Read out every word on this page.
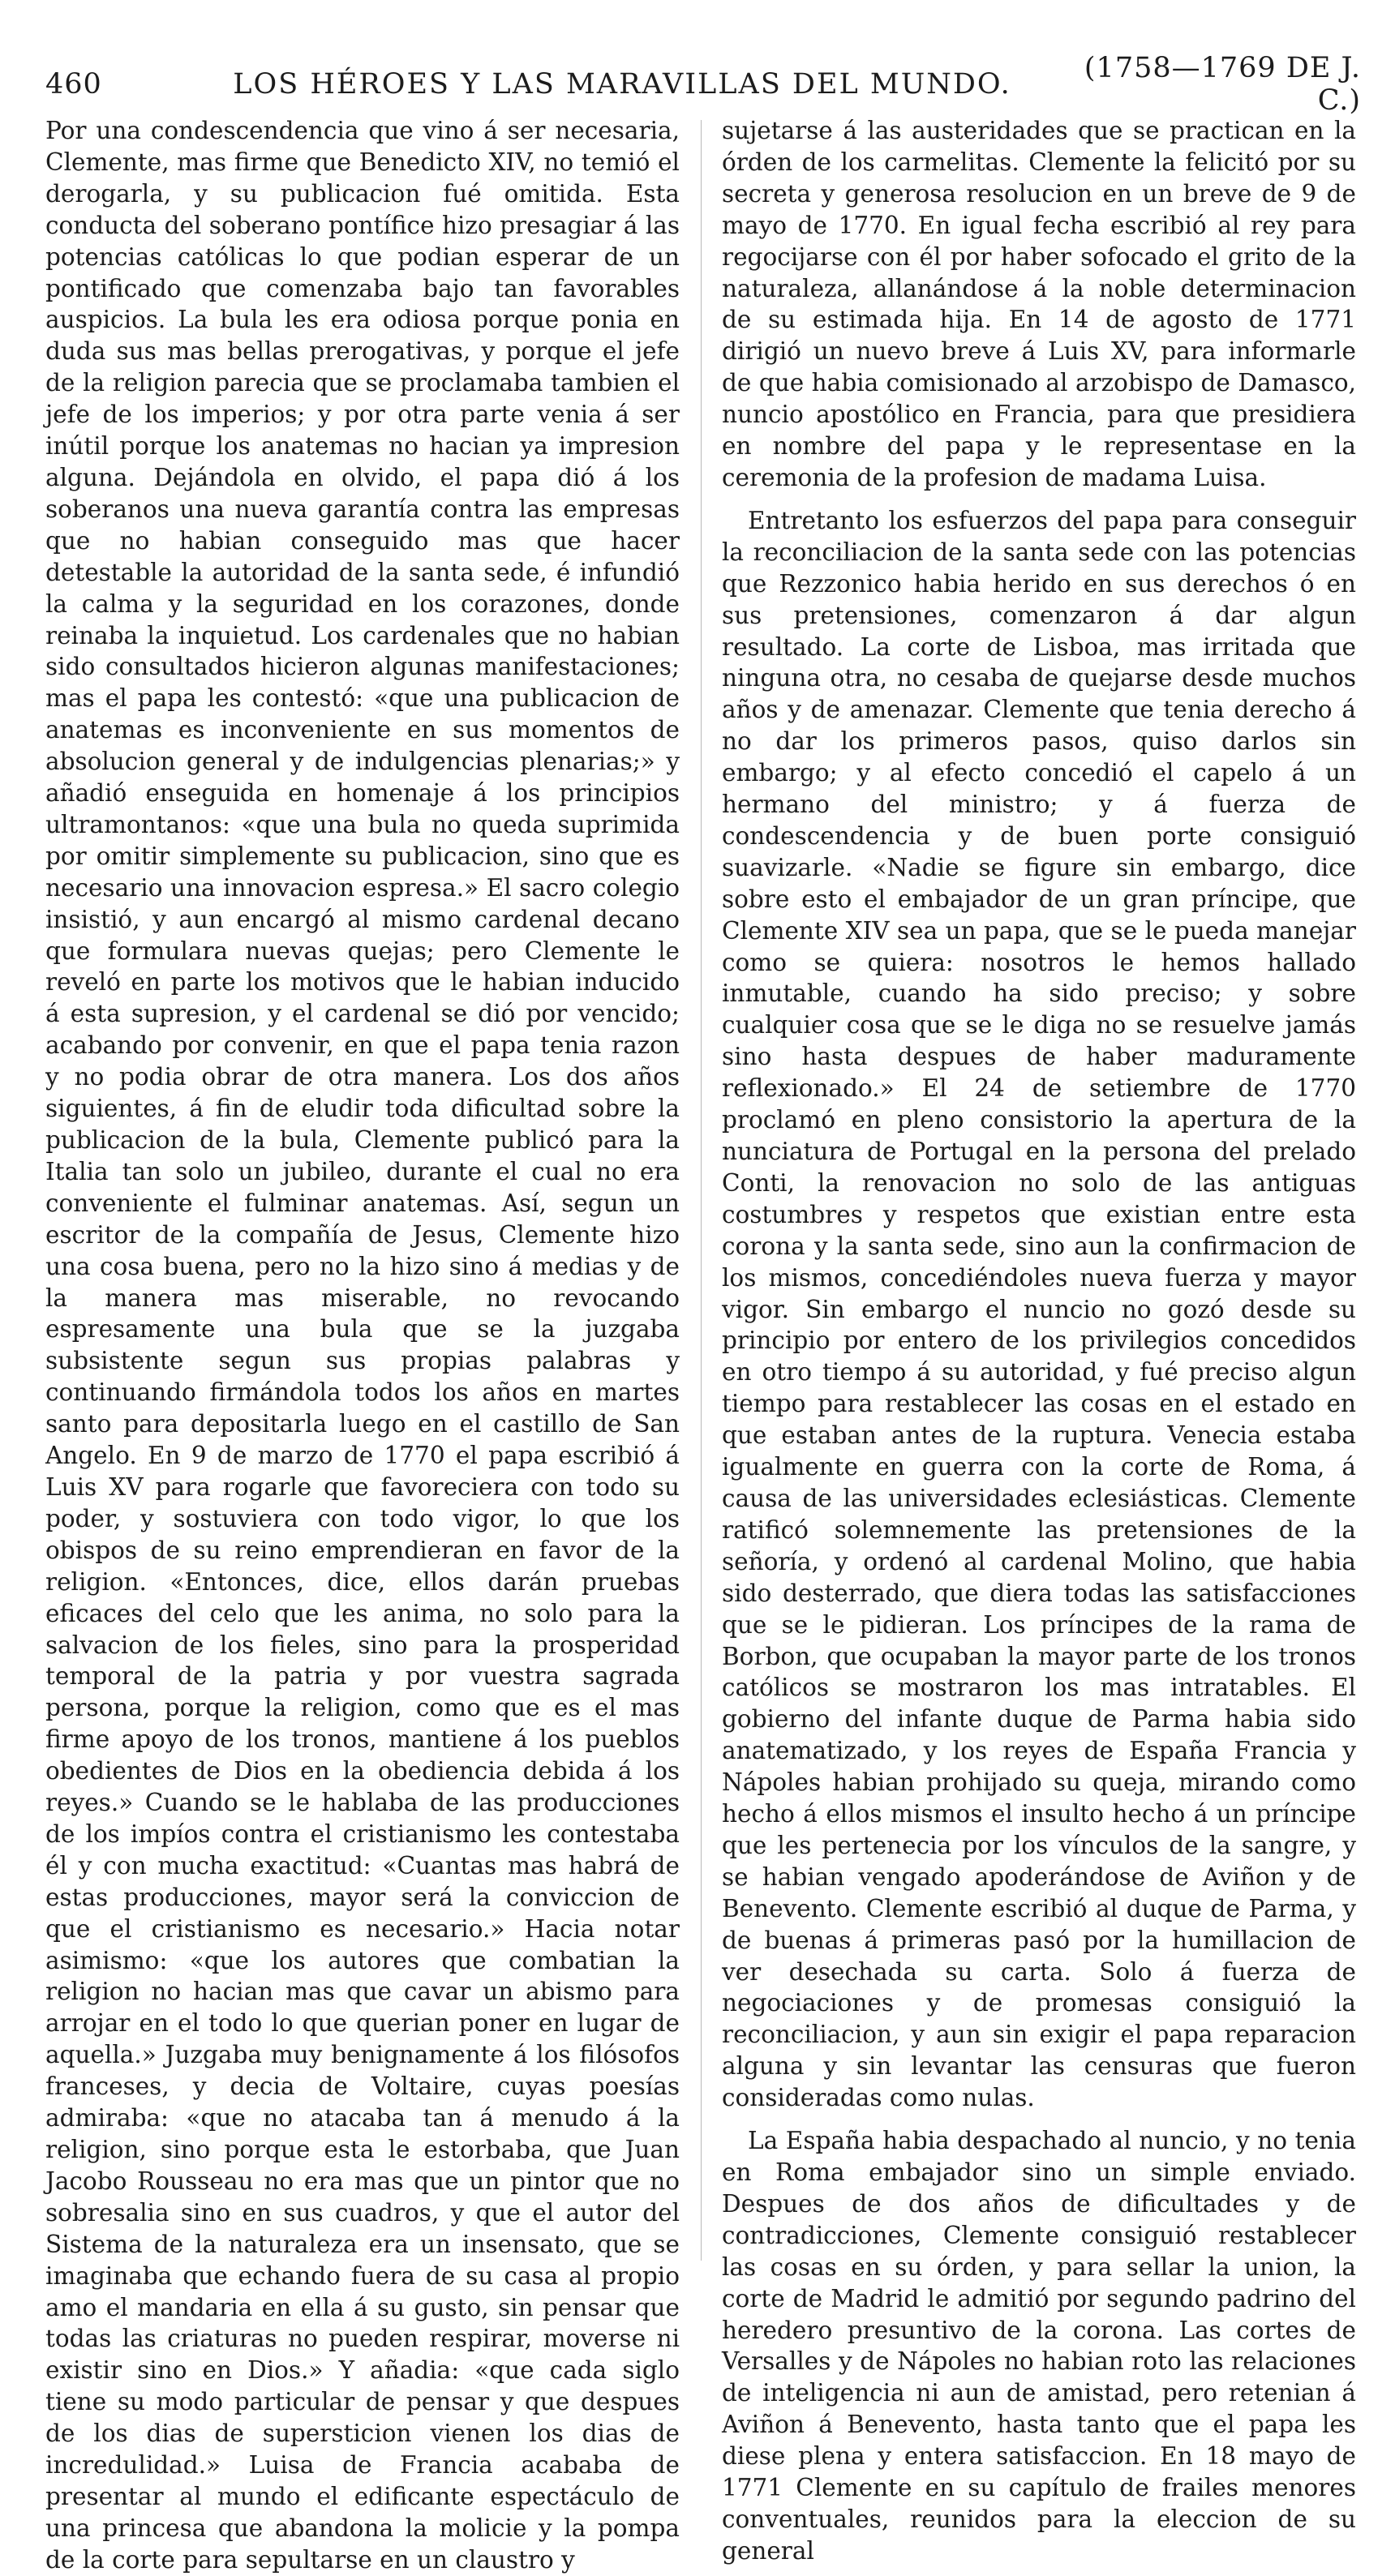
460	LOS HÉROES Y LAS MARAVILLAS DEL MUNDO.	(1758—1769 DE J. C.)

Por una condescendencia que vino á ser necesaria, Clemente, mas firme que Benedicto XIV, no temió el derogarla, y su publicacion fué omitida. Esta conducta del soberano pontífice hizo presagiar á las potencias católicas lo que podian esperar de un pontificado que comenzaba bajo tan favorables auspicios. La bula les era odiosa porque ponia en duda sus mas bellas prerogativas, y porque el jefe de la religion parecia que se proclamaba tambien el jefe de los imperios; y por otra parte venia á ser inútil porque los anatemas no hacian ya impresion alguna. Dejándola en olvido, el papa dió á los soberanos una nueva garantía contra las empresas que no habian conseguido mas que hacer detestable la autoridad de la santa sede, é infundió la calma y la seguridad en los corazones, donde reinaba la inquietud. Los cardenales que no habian sido consultados hicieron algunas manifestaciones; mas el papa les contestó: «que una publicacion de anatemas es inconveniente en sus momentos de absolucion general y de indulgencias plenarias;» y añadió enseguida en homenaje á los principios ultramontanos: «que una bula no queda suprimida por omitir simplemente su publicacion, sino que es necesario una innovacion espresa.» El sacro colegio insistió, y aun encargó al mismo cardenal decano que formulara nuevas quejas; pero Clemente le reveló en parte los motivos que le habian inducido á esta supresion, y el cardenal se dió por vencido; acabando por convenir, en que el papa tenia razon y no podia obrar de otra manera. Los dos años siguientes, á fin de eludir toda dificultad sobre la publicacion de la bula, Clemente publicó para la Italia tan solo un jubileo, durante el cual no era conveniente el fulminar anatemas. Así, segun un escritor de la compañía de Jesus, Clemente hizo una cosa buena, pero no la hizo sino á medias y de la manera mas miserable, no revocando espresamente una bula que se la juzgaba subsistente segun sus propias palabras y continuando firmándola todos los años en martes santo para depositarla luego en el castillo de San Angelo. En 9 de marzo de 1770 el papa escribió á Luis XV para rogarle que favoreciera con todo su poder, y sostuviera con todo vigor, lo que los obispos de su reino emprendieran en favor de la religion. «Entonces, dice, ellos darán pruebas eficaces del celo que les anima, no solo para la salvacion de los fieles, sino para la prosperidad temporal de la patria y por vuestra sagrada persona, porque la religion, como que es el mas firme apoyo de los tronos, mantiene á los pueblos obedientes de Dios en la obediencia debida á los reyes.» Cuando se le hablaba de las producciones de los impíos contra el cristianismo les contestaba él y con mucha exactitud: «Cuantas mas habrá de estas producciones, mayor será la conviccion de que el cristianismo es necesario.» Hacia notar asimismo: «que los autores que combatian la religion no hacian mas que cavar un abismo para arrojar en el todo lo que querian poner en lugar de aquella.» Juzgaba muy benignamente á los filósofos franceses, y decia de Voltaire, cuyas poesías admiraba: «que no atacaba tan á menudo á la religion, sino porque esta le estorbaba, que Juan Jacobo Rousseau no era mas que un pintor que no sobresalia sino en sus cuadros, y que el autor del Sistema de la naturaleza era un insensato, que se imaginaba que echando fuera de su casa al propio amo el mandaria en ella á su gusto, sin pensar que todas las criaturas no pueden respirar, moverse ni existir sino en Dios.» Y añadia: «que cada siglo tiene su modo particular de pensar y que despues de los dias de supersticion vienen los dias de incredulidad.» Luisa de Francia acababa de presentar al mundo el edificante espectáculo de una princesa que abandona la molicie y la pompa de la corte para sepultarse en un claustro y

sujetarse á las austeridades que se practican en la órden de los carmelitas. Clemente la felicitó por su secreta y generosa resolucion en un breve de 9 de mayo de 1770. En igual fecha escribió al rey para regocijarse con él por haber sofocado el grito de la naturaleza, allanándose á la noble determinacion de su estimada hija. En 14 de agosto de 1771 dirigió un nuevo breve á Luis XV, para informarle de que habia comisionado al arzobispo de Damasco, nuncio apostólico en Francia, para que presidiera en nombre del papa y le representase en la ceremonia de la profesion de madama Luisa.

Entretanto los esfuerzos del papa para conseguir la reconciliacion de la santa sede con las potencias que Rezzonico habia herido en sus derechos ó en sus pretensiones, comenzaron á dar algun resultado. La corte de Lisboa, mas irritada que ninguna otra, no cesaba de quejarse desde muchos años y de amenazar. Clemente que tenia derecho á no dar los primeros pasos, quiso darlos sin embargo; y al efecto concedió el capelo á un hermano del ministro; y á fuerza de condescendencia y de buen porte consiguió suavizarle. «Nadie se figure sin embargo, dice sobre esto el embajador de un gran príncipe, que Clemente XIV sea un papa, que se le pueda manejar como se quiera: nosotros le hemos hallado inmutable, cuando ha sido preciso; y sobre cualquier cosa que se le diga no se resuelve jamás sino hasta despues de haber maduramente reflexionado.» El 24 de setiembre de 1770 proclamó en pleno consistorio la apertura de la nunciatura de Portugal en la persona del prelado Conti, la renovacion no solo de las antiguas costumbres y respetos que existian entre esta corona y la santa sede, sino aun la confirmacion de los mismos, concediéndoles nueva fuerza y mayor vigor. Sin embargo el nuncio no gozó desde su principio por entero de los privilegios concedidos en otro tiempo á su autoridad, y fué preciso algun tiempo para restablecer las cosas en el estado en que estaban antes de la ruptura. Venecia estaba igualmente en guerra con la corte de Roma, á causa de las universidades eclesiásticas. Clemente ratificó solemnemente las pretensiones de la señoría, y ordenó al cardenal Molino, que habia sido desterrado, que diera todas las satisfacciones que se le pidieran. Los príncipes de la rama de Borbon, que ocupaban la mayor parte de los tronos católicos se mostraron los mas intratables. El gobierno del infante duque de Parma habia sido anatematizado, y los reyes de España Francia y Nápoles habian prohijado su queja, mirando como hecho á ellos mismos el insulto hecho á un príncipe que les pertenecia por los vínculos de la sangre, y se habian vengado apoderándose de Aviñon y de Benevento. Clemente escribió al duque de Parma, y de buenas á primeras pasó por la humillacion de ver desechada su carta. Solo á fuerza de negociaciones y de promesas consiguió la reconciliacion, y aun sin exigir el papa reparacion alguna y sin levantar las censuras que fueron consideradas como nulas.

La España habia despachado al nuncio, y no tenia en Roma embajador sino un simple enviado. Despues de dos años de dificultades y de contradicciones, Clemente consiguió restablecer las cosas en su órden, y para sellar la union, la corte de Madrid le admitió por segundo padrino del heredero presuntivo de la corona. Las cortes de Versalles y de Nápoles no habian roto las relaciones de inteligencia ni aun de amistad, pero retenian á Aviñon á Benevento, hasta tanto que el papa les diese plena y entera satisfaccion. En 18 mayo de 1771 Clemente en su capítulo de frailes menores conventuales, reunidos para la eleccion de su general
